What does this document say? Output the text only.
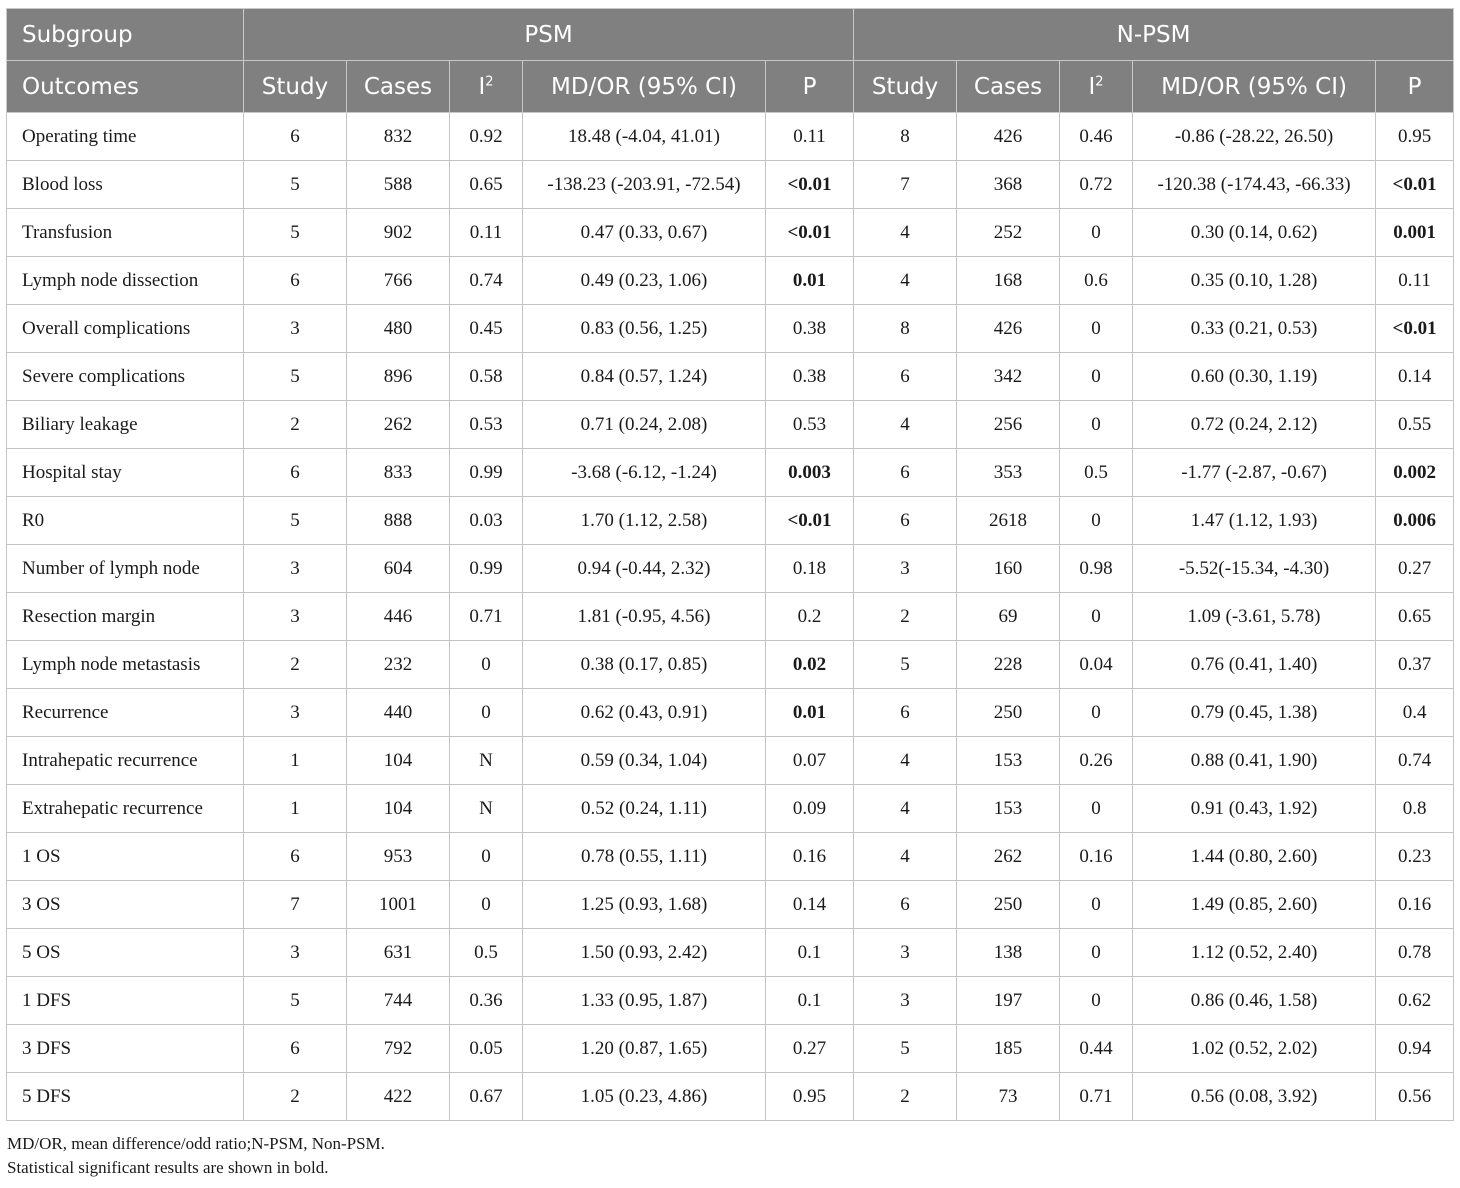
Subgroup	PSM					N-PSM				
Outcomes	Study	Cases	$I^2$	MD/OR (95% CI)	P	Study	Cases	$I^2$	MD/OR (95% CI)	P
Operating time	6	832	0.92	18.48 (-4.04, 41.01)	0.11	8	426	0.46	-0.86 (-28.22, 26.50)	0.95
Blood loss	5	588	0.65	-138.23 (-203.91, -72.54)	<0.01	7	368	0.72	-120.38 (-174.43, -66.33)	<0.01
Transfusion	5	902	0.11	0.47 (0.33, 0.67)	<0.01	4	252	0	0.30 (0.14, 0.62)	0.001
Lymph node dissection	6	766	0.74	0.49 (0.23, 1.06)	0.01	4	168	0.6	0.35 (0.10, 1.28)	0.11
Overall complications	3	480	0.45	0.83 (0.56, 1.25)	0.38	8	426	0	0.33 (0.21, 0.53)	<0.01
Severe complications	5	896	0.58	0.84 (0.57, 1.24)	0.38	6	342	0	0.60 (0.30, 1.19)	0.14
Biliary leakage	2	262	0.53	0.71 (0.24, 2.08)	0.53	4	256	0	0.72 (0.24, 2.12)	0.55
Hospital stay	6	833	0.99	-3.68 (-6.12, -1.24)	0.003	6	353	0.5	-1.77 (-2.87, -0.67)	0.002
R0	5	888	0.03	1.70 (1.12, 2.58)	<0.01	6	2618	0	1.47 (1.12, 1.93)	0.006
Number of lymph node	3	604	0.99	0.94 (-0.44, 2.32)	0.18	3	160	0.98	-5.52(-15.34, -4.30)	0.27
Resection margin	3	446	0.71	1.81 (-0.95, 4.56)	0.2	2	69	0	1.09 (-3.61, 5.78)	0.65
Lymph node metastasis	2	232	0	0.38 (0.17, 0.85)	0.02	5	228	0.04	0.76 (0.41, 1.40)	0.37
Recurrence	3	440	0	0.62 (0.43, 0.91)	0.01	6	250	0	0.79 (0.45, 1.38)	0.4
Intrahepatic recurrence	1	104	N	0.59 (0.34, 1.04)	0.07	4	153	0.26	0.88 (0.41, 1.90)	0.74
Extrahepatic recurrence	1	104	N	0.52 (0.24, 1.11)	0.09	4	153	0	0.91 (0.43, 1.92)	0.8
1 OS	6	953	0	0.78 (0.55, 1.11)	0.16	4	262	0.16	1.44 (0.80, 2.60)	0.23
3 OS	7	1001	0	1.25 (0.93, 1.68)	0.14	6	250	0	1.49 (0.85, 2.60)	0.16
5 OS	3	631	0.5	1.50 (0.93, 2.42)	0.1	3	138	0	1.12 (0.52, 2.40)	0.78
1 DFS	5	744	0.36	1.33 (0.95, 1.87)	0.1	3	197	0	0.86 (0.46, 1.58)	0.62
3 DFS	6	792	0.05	1.20 (0.87, 1.65)	0.27	5	185	0.44	1.02 (0.52, 2.02)	0.94
5 DFS	2	422	0.67	1.05 (0.23, 4.86)	0.95	2	73	0.71	0.56 (0.08, 3.92)	0.56
MD/OR, mean difference/odd ratio;N-PSM, Non-PSM.
Statistical significant results are shown in bold.
